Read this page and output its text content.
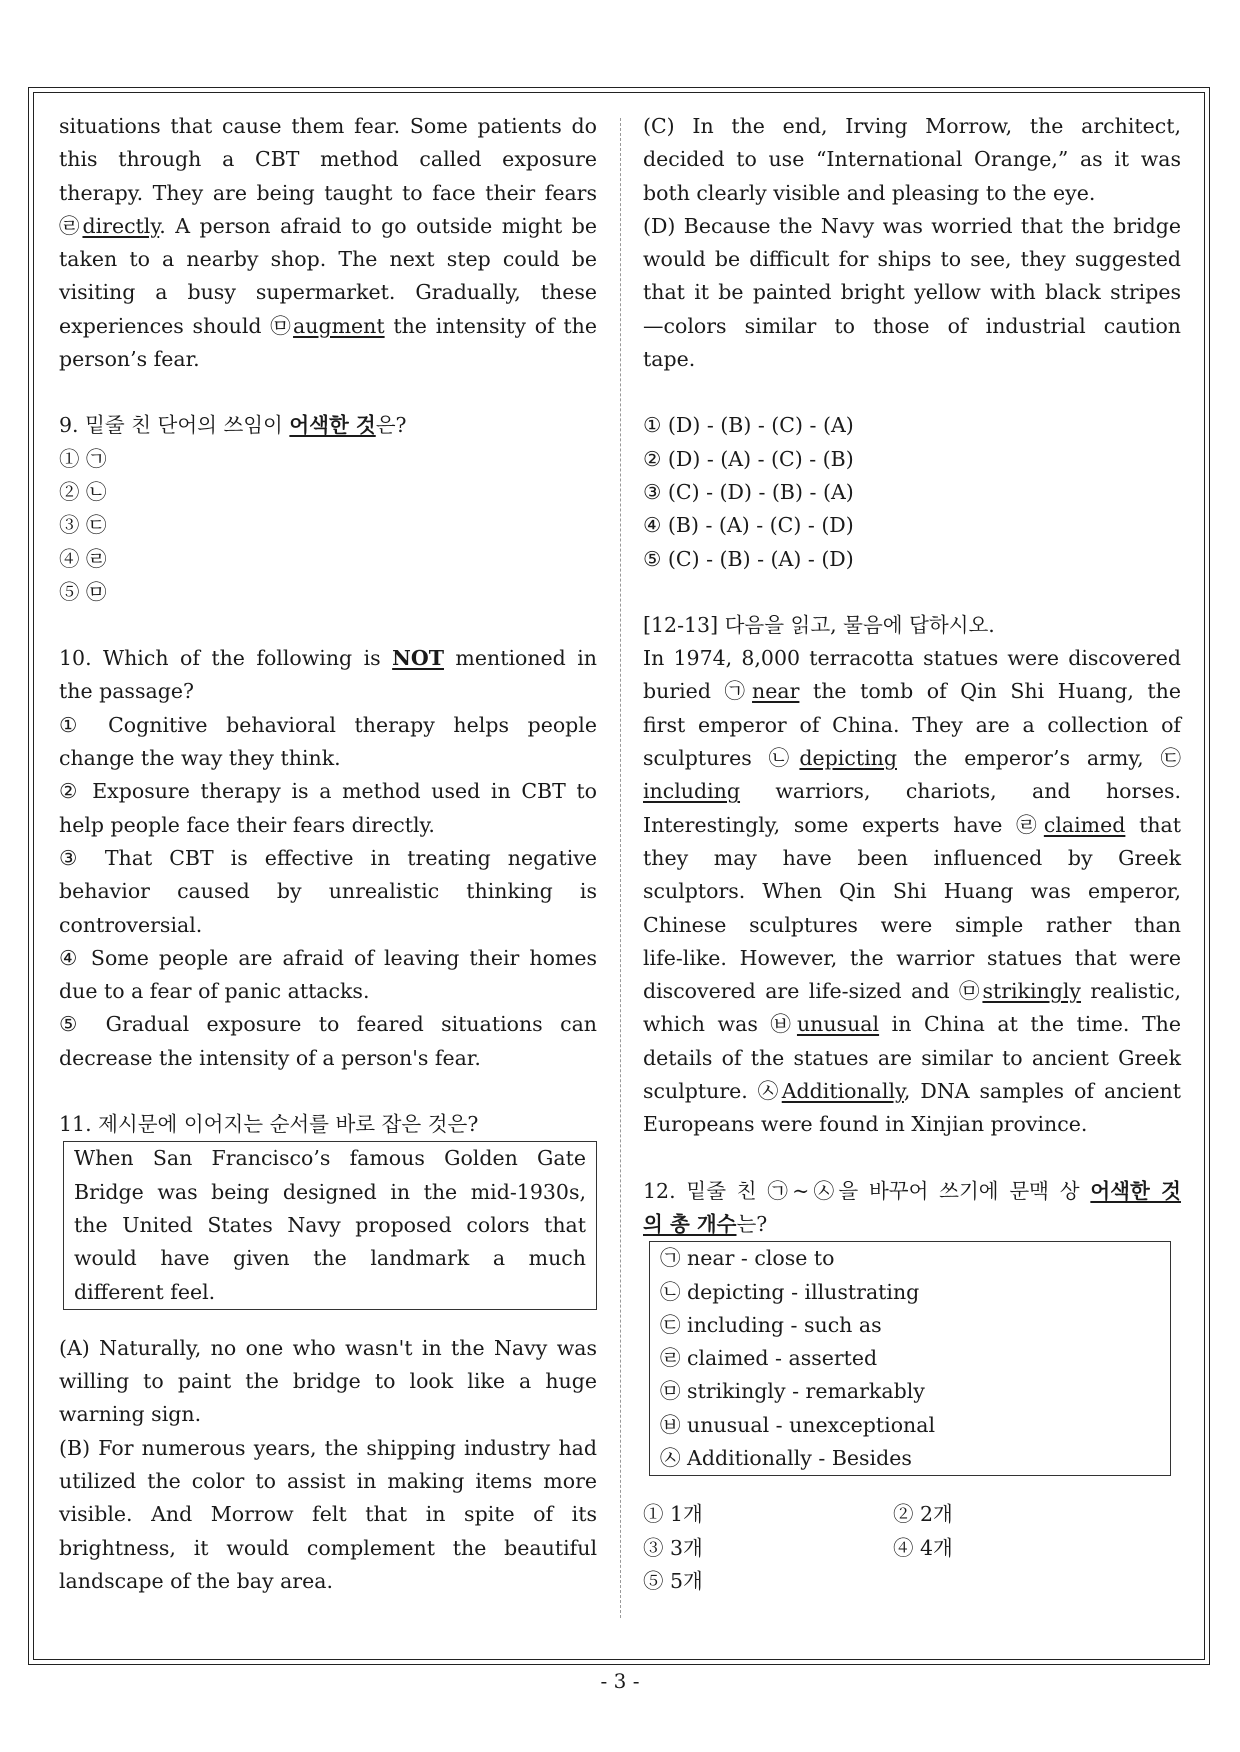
situations that cause them fear. Some patients do

this through a CBT method called exposure

therapy. They are being taught to face their fears

㉣directly. A person afraid to go outside might be

taken to a nearby shop. The next step could be

visiting a busy supermarket. Gradually, these

experiences should ㉤augment the intensity of the

person’s fear.

9. 밑줄 친 단어의 쓰임이 어색한 것은?

① ㉠

② ㉡

③ ㉢

④ ㉣

⑤ ㉤

10. Which of the following is NOT mentioned in

the passage?

① Cognitive behavioral therapy helps people

change the way they think.

② Exposure therapy is a method used in CBT to

help people face their fears directly.

③ That CBT is effective in treating negative

behavior caused by unrealistic thinking is

controversial.

④ Some people are afraid of leaving their homes

due to a fear of panic attacks.

⑤ Gradual exposure to feared situations can

decrease the intensity of a person's fear.

11. 제시문에 이어지는 순서를 바로 잡은 것은?

When San Francisco’s famous Golden Gate

Bridge was being designed in the mid-1930s,

the United States Navy proposed colors that

would have given the landmark a much

different feel.

(A) Naturally, no one who wasn't in the Navy was

willing to paint the bridge to look like a huge

warning sign.

(B) For numerous years, the shipping industry had

utilized the color to assist in making items more

visible. And Morrow felt that in spite of its

brightness, it would complement the beautiful

landscape of the bay area.

(C) In the end, Irving Morrow, the architect,

decided to use “International Orange,” as it was

both clearly visible and pleasing to the eye.

(D) Because the Navy was worried that the bridge

would be difficult for ships to see, they suggested

that it be painted bright yellow with black stripes

—colors similar to those of industrial caution

tape.

① (D) - (B) - (C) - (A)

② (D) - (A) - (C) - (B)

③ (C) - (D) - (B) - (A)

④ (B) - (A) - (C) - (D)

⑤ (C) - (B) - (A) - (D)

[12-13] 다음을 읽고, 물음에 답하시오.

In 1974, 8,000 terracotta statues were discovered

buried ㉠near the tomb of Qin Shi Huang, the

first emperor of China. They are a collection of

sculptures ㉡depicting the emperor’s army, ㉢

including warriors, chariots, and horses.

Interestingly, some experts have ㉣claimed that

they may have been influenced by Greek

sculptors. When Qin Shi Huang was emperor,

Chinese sculptures were simple rather than

life-like. However, the warrior statues that were

discovered are life-sized and ㉤strikingly realistic,

which was ㉥unusual in China at the time. The

details of the statues are similar to ancient Greek

sculpture. ㉦Additionally, DNA samples of ancient

Europeans were found in Xinjian province.

12. 밑줄 친 ㉠~㉦을 바꾸어 쓰기에 문맥 상 어색한 것

의 총 개수는?

㉠ near - close to

㉡ depicting - illustrating

㉢ including - such as

㉣ claimed - asserted

㉤ strikingly - remarkably

㉥ unusual - unexceptional

㉦ Additionally - Besides

① 1개	② 2개

③ 3개	④ 4개

⑤ 5개

- 3 -
